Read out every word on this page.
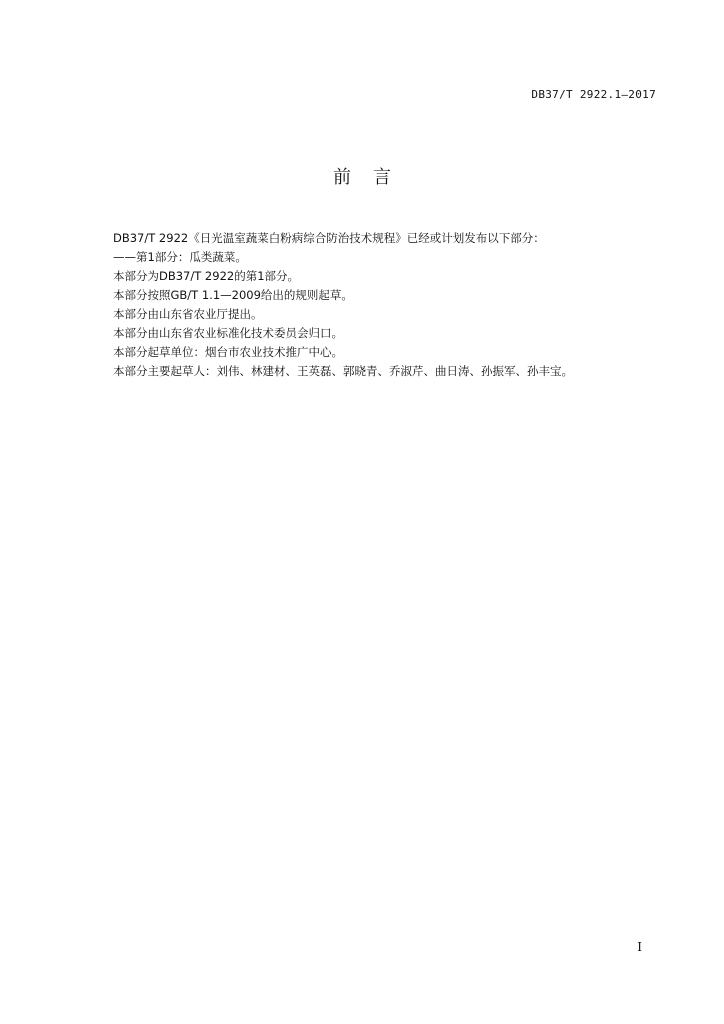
DB37/T 2922.1—2017
前言
DB37/T 2922《日光温室蔬菜白粉病综合防治技术规程》已经或计划发布以下部分：
——第1部分：瓜类蔬菜。
本部分为DB37/T 2922的第1部分。
本部分按照GB/T 1.1—2009给出的规则起草。
本部分由山东省农业厅提出。
本部分由山东省农业标准化技术委员会归口。
本部分起草单位：烟台市农业技术推广中心。
本部分主要起草人：刘伟、林建材、王英磊、郭晓青、乔淑芹、曲日涛、孙振军、孙丰宝。
I
